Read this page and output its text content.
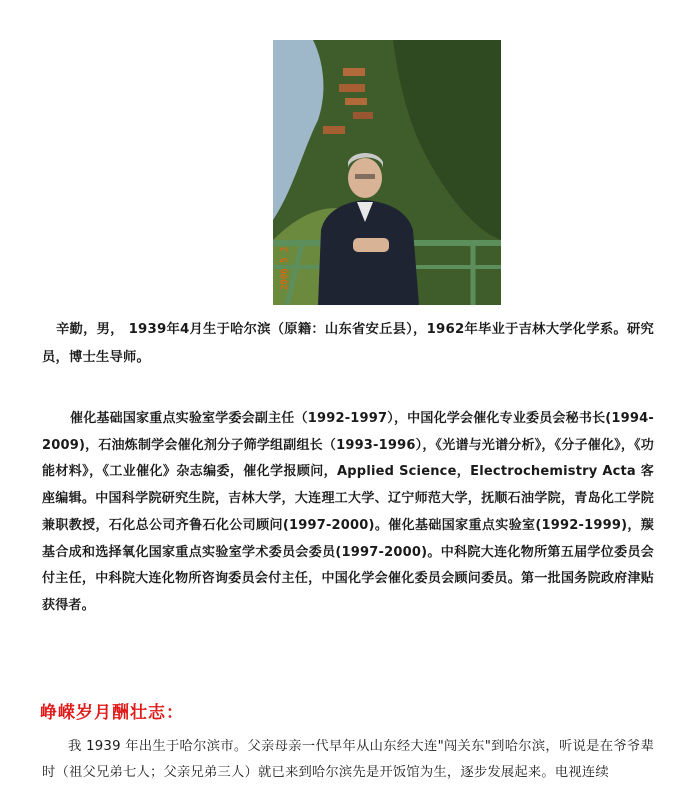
2006 5 2

辛勤，男， 1939年4月生于哈尔滨（原籍：山东省安丘县），1962年毕业于吉林大学化学系。研究员，博士生导师。

催化基础国家重点实验室学委会副主任（1992-1997），中国化学会催化专业委员会秘书长(1994-2009)，石油炼制学会催化剂分子筛学组副组长（1993-1996），《光谱与光谱分析》，《分子催化》，《功能材料》，《工业催化》杂志编委，催化学报顾问，Applied Science，Electrochemistry Acta 客座编辑。中国科学院研究生院，吉林大学，大连理工大学、辽宁师范大学，抚顺石油学院，青岛化工学院兼职教授，石化总公司齐鲁石化公司顾问(1997-2000)。催化基础国家重点实验室(1992-1999)，羰基合成和选择氧化国家重点实验室学术委员会委员(1997-2000)。中科院大连化物所第五届学位委员会付主任，中科院大连化物所咨询委员会付主任，中国化学会催化委员会顾问委员。第一批国务院政府津贴获得者。

峥嵘岁月酬壮志：

我 1939 年出生于哈尔滨市。父亲母亲一代早年从山东经大连"闯关东"到哈尔滨，听说是在爷爷辈时（祖父兄弟七人；父亲兄弟三人）就已来到哈尔滨先是开饭馆为生，逐步发展起来。电视连续
